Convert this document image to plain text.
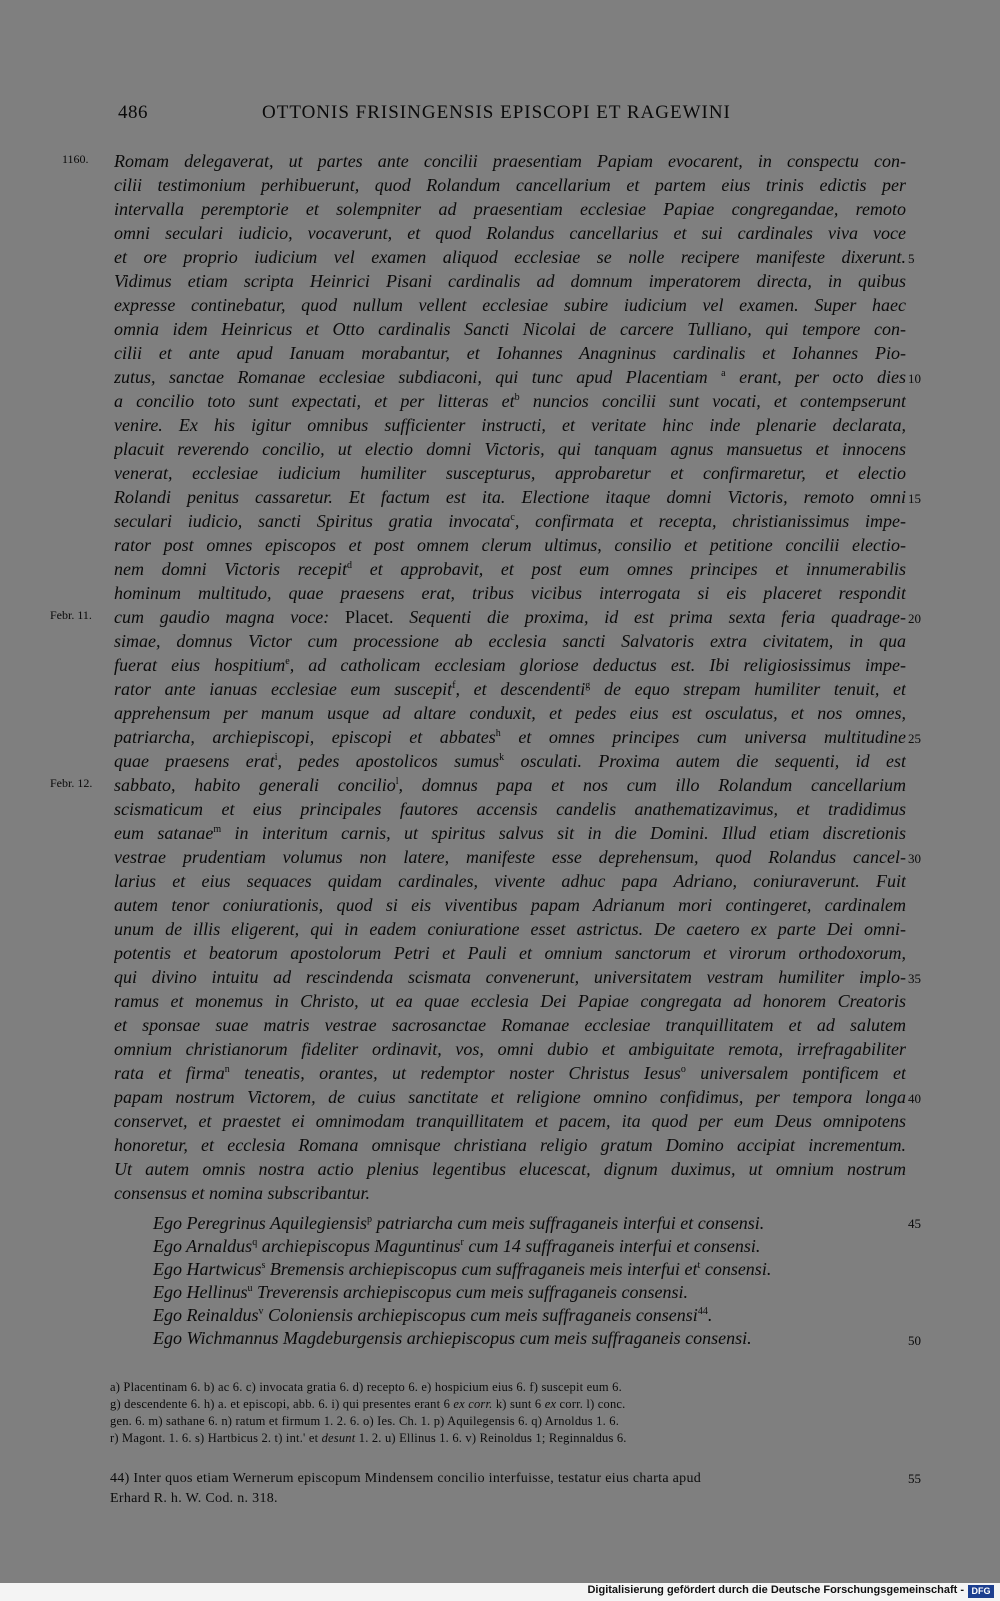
486	OTTONIS FRISINGENSIS EPISCOPI ET RAGEWINI
1160.
Febr. 11.
Febr. 12.
5
10
15
20
25
30
35
40
45
50
55
Romam delegaverat, ut partes ante concilii praesentiam Papiam evocarent, in conspectu con-
cilii testimonium perhibuerunt, quod Rolandum cancellarium et partem eius trinis edictis per
intervalla peremptorie et solempniter ad praesentiam ecclesiae Papiae congregandae, remoto
omni seculari iudicio, vocaverunt, et quod Rolandus cancellarius et sui cardinales viva voce
et ore proprio iudicium vel examen aliquod ecclesiae se nolle recipere manifeste dixerunt.
Vidimus etiam scripta Heinrici Pisani cardinalis ad domnum imperatorem directa, in quibus
expresse continebatur, quod nullum vellent ecclesiae subire iudicium vel examen. Super haec
omnia idem Heinricus et Otto cardinalis Sancti Nicolai de carcere Tulliano, qui tempore con-
cilii et ante apud Ianuam morabantur, et Iohannes Anagninus cardinalis et Iohannes Pio-
zutus, sanctae Romanae ecclesiae subdiaconi, qui tunc apud Placentiam $^a$ erant, per octo dies
a concilio toto sunt expectati, et per litteras $et^b$ nuncios concilii sunt vocati, et contempserunt
venire. Ex his igitur omnibus sufficienter instructi, et veritate hinc inde plenarie declarata,
placuit reverendo concilio, ut electio domni Victoris, qui tanquam agnus mansuetus et innocens
venerat, ecclesiae iudicium humiliter suscepturus, approbaretur et confirmaretur, et electio
Rolandi penitus cassaretur. Et factum est ita. Electione itaque domni Victoris, remoto omni
seculari iudicio, sancti Spiritus gratia invocata$^c$, confirmata et recepta, christianissimus impe-
rator post omnes episcopos et post omnem clerum ultimus, consilio et petitione concilii electio-
nem domni Victoris recepit$^d$ et approbavit, et post eum omnes principes et innumerabilis
hominum multitudo, quae praesens erat, tribus vicibus interrogata si eis placeret respondit
cum gaudio magna voce: Placet. Sequenti die proxima, id est prima sexta feria quadrage-
simae, domnus Victor cum processione ab ecclesia sancti Salvatoris extra civitatem, in qua
fuerat eius hospitium$^e$, ad catholicam ecclesiam gloriose deductus est. Ibi religiosissimus impe-
rator ante ianuas ecclesiae eum suscepit$^f$, et descendenti$^g$ de equo strepam humiliter tenuit, et
apprehensum per manum usque ad altare conduxit, et pedes eius est osculatus, et nos omnes,
patriarcha, archiepiscopi, episcopi et abbates$^h$ et omnes principes cum universa multitudine
quae praesens erat$^i$, pedes apostolicos sumus$^k$ osculati. Proxima autem die sequenti, id est
sabbato, habito generali concilio$^l$, domnus papa et nos cum illo Rolandum cancellarium
scismaticum et eius principales fautores accensis candelis anathematizavimus, et tradidimus
eum satanae$^m$ in interitum carnis, ut spiritus salvus sit in die Domini. Illud etiam discretionis
vestrae prudentiam volumus non latere, manifeste esse deprehensum, quod Rolandus cancel-
larius et eius sequaces quidam cardinales, vivente adhuc papa Adriano, coniuraverunt. Fuit
autem tenor coniurationis, quod si eis viventibus papam Adrianum mori contingeret, cardinalem
unum de illis eligerent, qui in eadem coniuratione esset astrictus. De caetero ex parte Dei omni-
potentis et beatorum apostolorum Petri et Pauli et omnium sanctorum et virorum orthodoxorum,
qui divino intuitu ad rescindenda scismata convenerunt, universitatem vestram humiliter implo-
ramus et monemus in Christo, ut ea quae ecclesia Dei Papiae congregata ad honorem Creatoris
et sponsae suae matris vestrae sacrosanctae Romanae ecclesiae tranquillitatem et ad salutem
omnium christianorum fideliter ordinavit, vos, omni dubio et ambiguitate remota, irrefragabiliter
rata et firma$^n$ teneatis, orantes, ut redemptor noster Christus Iesus$^o$ universalem pontificem et
papam nostrum Victorem, de cuius sanctitate et religione omnino confidimus, per tempora longa
conservet, et praestet ei omnimodam tranquillitatem et pacem, ita quod per eum Deus omnipotens
honoretur, et ecclesia Romana omnisque christiana religio gratum Domino accipiat incrementum.
Ut autem omnis nostra actio plenius legentibus elucescat, dignum duximus, ut omnium nostrum
consensus et nomina subscribantur.
Ego Peregrinus Aquilegiensis$^p$ patriarcha cum meis suffraganeis interfui et consensi.
Ego Arnaldus$^q$ archiepiscopus Maguntinus$^r$ cum 14 suffraganeis interfui et consensi.
Ego Hartwicus$^s$ Bremensis archiepiscopus cum suffraganeis meis interfui $et^t$ consensi.
Ego Hellinus$^u$ Treverensis archiepiscopus cum meis suffraganeis consensi.
Ego Reinaldus$^v$ Coloniensis archiepiscopus cum meis suffraganeis consensi$^{44}$.
Ego Wichmannus Magdeburgensis archiepiscopus cum meis suffraganeis consensi.
a) Placentinam 6. b) ac 6. c) invocata gratia 6. d) recepto 6. e) hospicium eius 6. f) suscepit eum 6.
g) descendente 6. h) a. et episcopi, abb. 6. i) qui presentes erant 6 ex corr. k) sunt 6 ex corr. l) conc.
gen. 6. m) sathane 6. n) ratum et firmum 1. 2. 6. o) Ies. Ch. 1. p) Aquilegensis 6. q) Arnoldus 1. 6.
r) Magont. 1. 6. s) Hartbicus 2. t) int.' et desunt 1. 2. u) Ellinus 1. 6. v) Reinoldus 1; Reginnaldus 6.
44) Inter quos etiam Wernerum episcopum Mindensem concilio interfuisse, testatur eius charta apud
Erhard R. h. W. Cod. n. 318.
Digitalisierung gefördert durch die Deutsche Forschungsgemeinschaft - DFG
